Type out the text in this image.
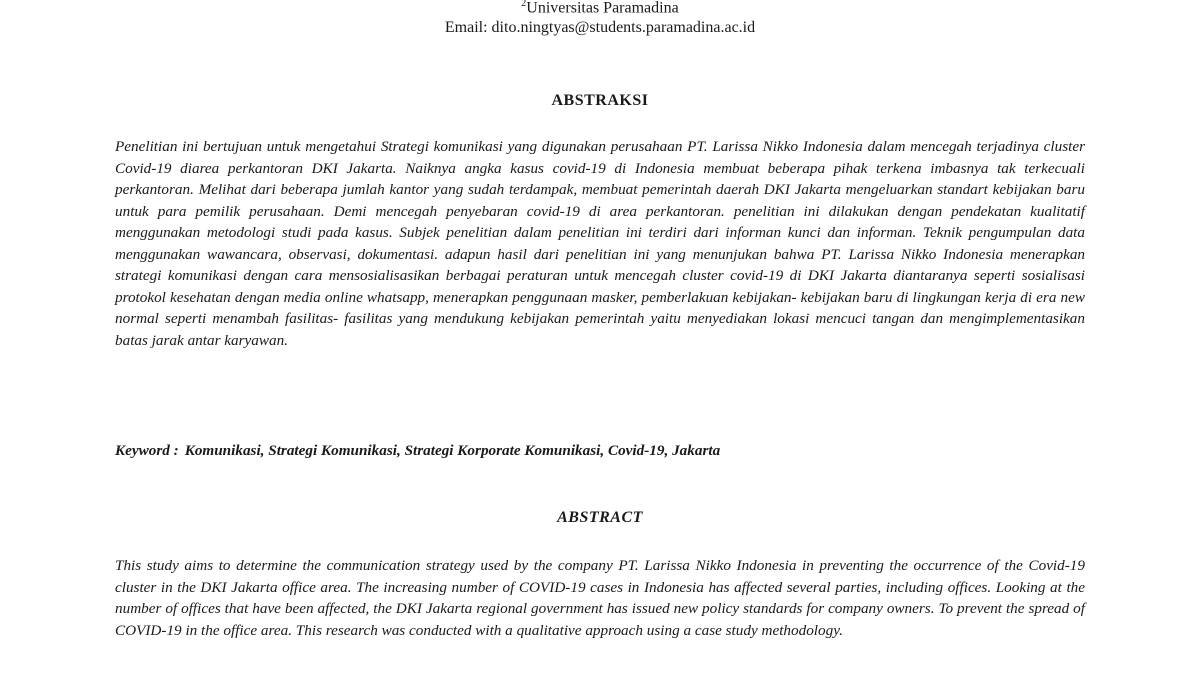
$^2$Universitas Paramadina
Email: dito.ningtyas@students.paramadina.ac.id
ABSTRAKSI
Penelitian ini bertujuan untuk mengetahui Strategi komunikasi yang digunakan perusahaan PT. Larissa Nikko Indonesia dalam mencegah terjadinya cluster Covid-19 diarea perkantoran DKI Jakarta. Naiknya angka kasus covid-19 di Indonesia membuat beberapa pihak terkena imbasnya tak terkecuali perkantoran. Melihat dari beberapa jumlah kantor yang sudah terdampak, membuat pemerintah daerah DKI Jakarta mengeluarkan standart kebijakan baru untuk para pemilik perusahaan. Demi mencegah penyebaran covid-19 di area perkantoran. penelitian ini dilakukan dengan pendekatan kualitatif menggunakan metodologi studi pada kasus. Subjek penelitian dalam penelitian ini terdiri dari informan kunci dan informan. Teknik pengumpulan data menggunakan wawancara, observasi, dokumentasi. adapun hasil dari penelitian ini yang menunjukan bahwa PT. Larissa Nikko Indonesia menerapkan strategi komunikasi dengan cara mensosialisasikan berbagai peraturan untuk mencegah cluster covid-19 di DKI Jakarta diantaranya seperti sosialisasi protokol kesehatan dengan media online whatsapp, menerapkan penggunaan masker, pemberlakuan kebijakan- kebijakan baru di lingkungan kerja di era new normal seperti menambah fasilitas- fasilitas yang mendukung kebijakan pemerintah yaitu menyediakan lokasi mencuci tangan dan mengimplementasikan batas jarak antar karyawan.
Keyword : Komunikasi, Strategi Komunikasi, Strategi Korporate Komunikasi, Covid-19, Jakarta
ABSTRACT
This study aims to determine the communication strategy used by the company PT. Larissa Nikko Indonesia in preventing the occurrence of the Covid-19 cluster in the DKI Jakarta office area. The increasing number of COVID-19 cases in Indonesia has affected several parties, including offices. Looking at the number of offices that have been affected, the DKI Jakarta regional government has issued new policy standards for company owners. To prevent the spread of COVID-19 in the office area. This research was conducted with a qualitative approach using a case study methodology.
